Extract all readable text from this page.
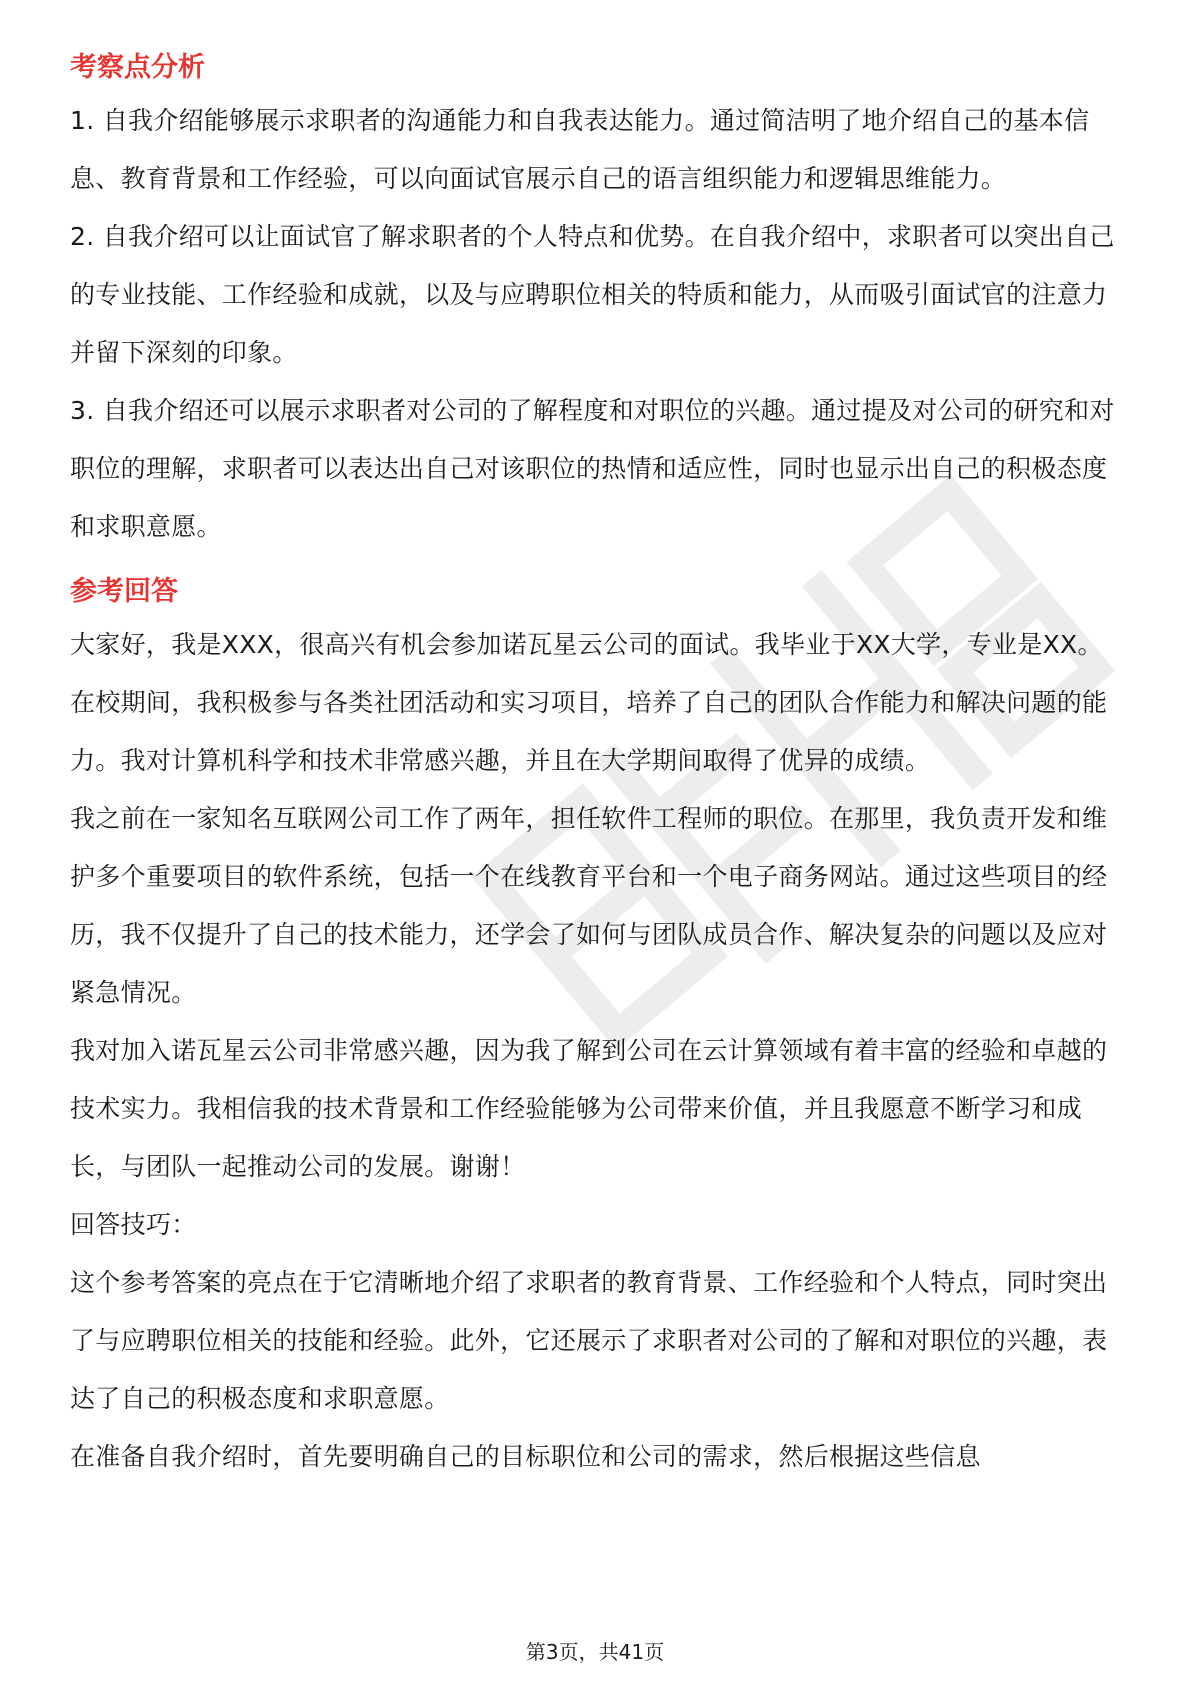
考察点分析

1. 自我介绍能够展示求职者的沟通能力和自我表达能力。通过简洁明了地介绍自己的基本信息、教育背景和工作经验，可以向面试官展示自己的语言组织能力和逻辑思维能力。

2. 自我介绍可以让面试官了解求职者的个人特点和优势。在自我介绍中，求职者可以突出自己的专业技能、工作经验和成就，以及与应聘职位相关的特质和能力，从而吸引面试官的注意力并留下深刻的印象。

3. 自我介绍还可以展示求职者对公司的了解程度和对职位的兴趣。通过提及对公司的研究和对职位的理解，求职者可以表达出自己对该职位的热情和适应性，同时也显示出自己的积极态度和求职意愿。

参考回答

大家好，我是XXX，很高兴有机会参加诺瓦星云公司的面试。我毕业于XX大学，专业是XX。在校期间，我积极参与各类社团活动和实习项目，培养了自己的团队合作能力和解决问题的能力。我对计算机科学和技术非常感兴趣，并且在大学期间取得了优异的成绩。

我之前在一家知名互联网公司工作了两年，担任软件工程师的职位。在那里，我负责开发和维护多个重要项目的软件系统，包括一个在线教育平台和一个电子商务网站。通过这些项目的经历，我不仅提升了自己的技术能力，还学会了如何与团队成员合作、解决复杂的问题以及应对紧急情况。

我对加入诺瓦星云公司非常感兴趣，因为我了解到公司在云计算领域有着丰富的经验和卓越的技术实力。我相信我的技术背景和工作经验能够为公司带来价值，并且我愿意不断学习和成长，与团队一起推动公司的发展。谢谢！

回答技巧：

这个参考答案的亮点在于它清晰地介绍了求职者的教育背景、工作经验和个人特点，同时突出了与应聘职位相关的技能和经验。此外，它还展示了求职者对公司的了解和对职位的兴趣，表达了自己的积极态度和求职意愿。

在准备自我介绍时，首先要明确自己的目标职位和公司的需求，然后根据这些信息

第3页，共41页
